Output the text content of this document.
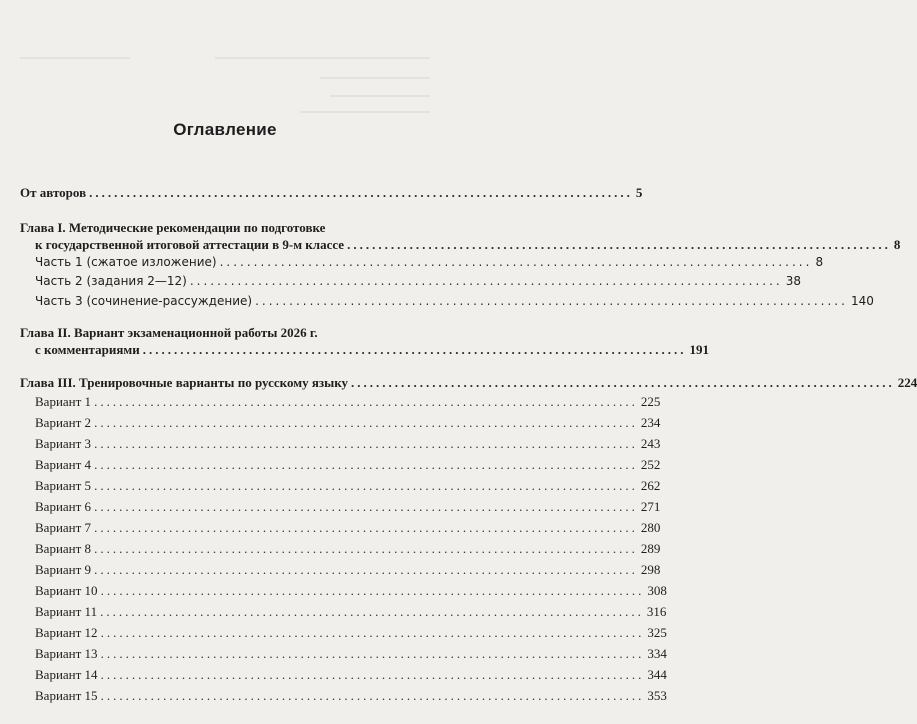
Оглавление
От авторов ....................................................................................... 5
Глава I. Методические рекомендации по подготовке
к государственной итоговой аттестации в 9-м классе ....................................................................................... 8
Часть 1 (сжатое изложение) ....................................................................................... 8
Часть 2 (задания 2—12) ....................................................................................... 38
Часть 3 (сочинение-рассуждение) ....................................................................................... 140
Глава II. Вариант экзаменационной работы 2026 г.
с комментариями ....................................................................................... 191
Глава III. Тренировочные варианты по русскому языку ....................................................................................... 224
Вариант 1 ....................................................................................... 225
Вариант 2 ....................................................................................... 234
Вариант 3 ....................................................................................... 243
Вариант 4 ....................................................................................... 252
Вариант 5 ....................................................................................... 262
Вариант 6 ....................................................................................... 271
Вариант 7 ....................................................................................... 280
Вариант 8 ....................................................................................... 289
Вариант 9 ....................................................................................... 298
Вариант 10 ....................................................................................... 308
Вариант 11 ....................................................................................... 316
Вариант 12 ....................................................................................... 325
Вариант 13 ....................................................................................... 334
Вариант 14 ....................................................................................... 344
Вариант 15 ....................................................................................... 353
